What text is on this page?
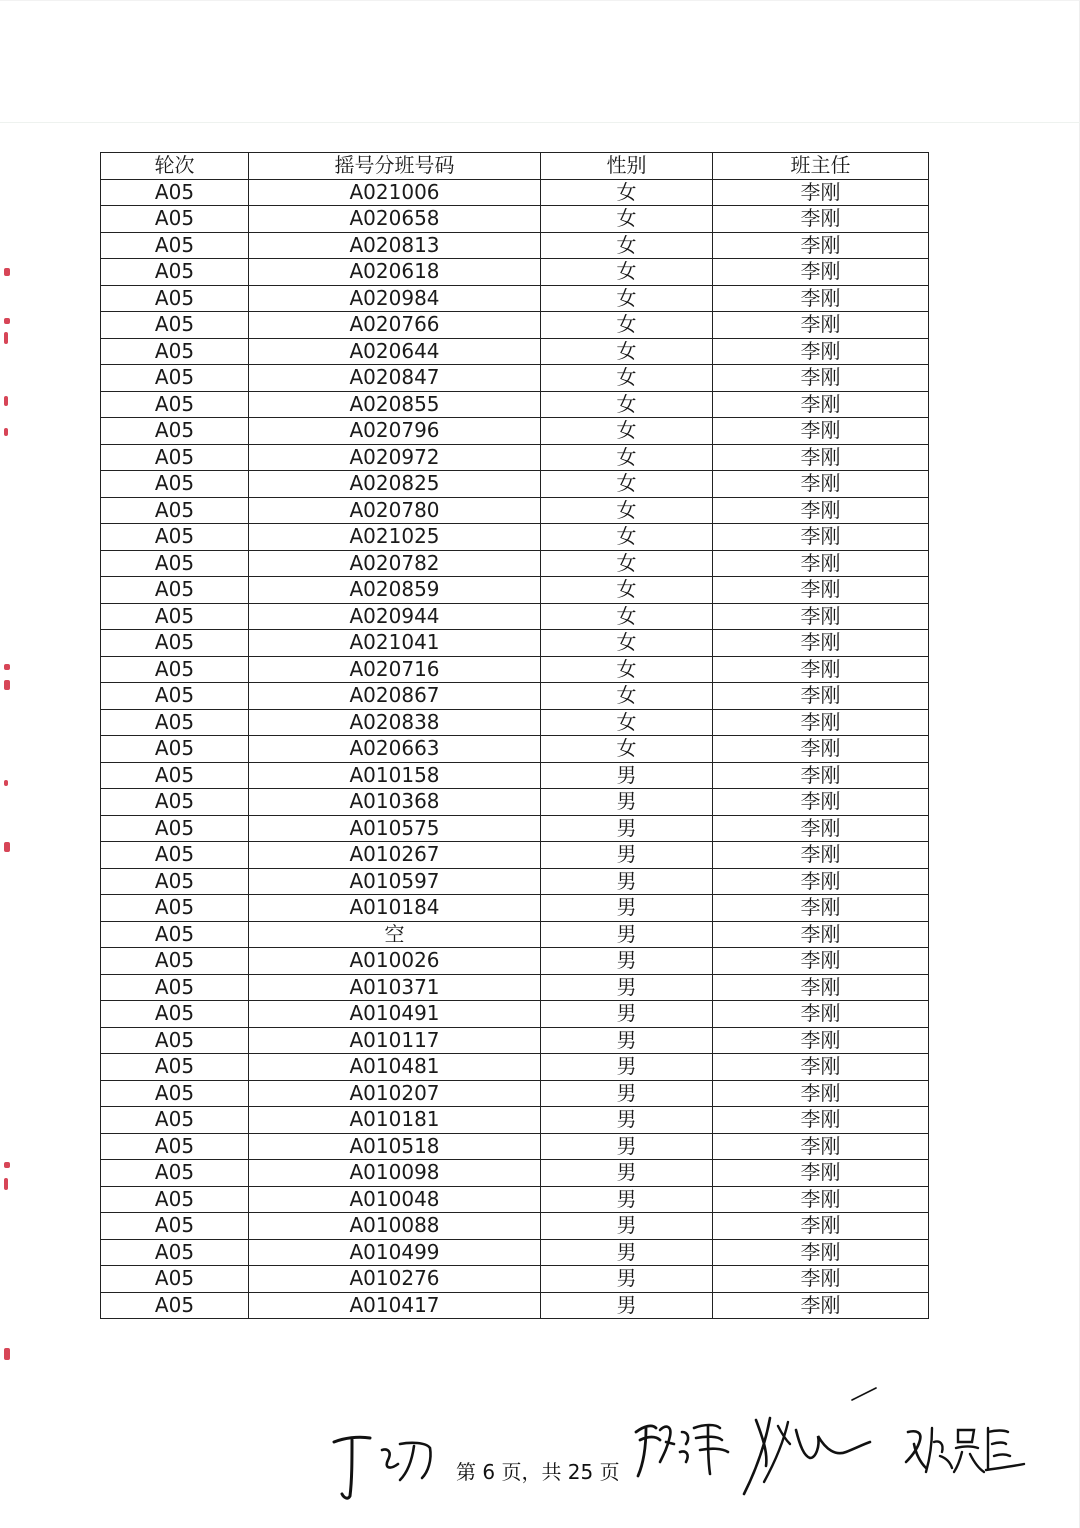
轮次	摇号分班号码	性别	班主任
A05	A021006	女	李刚
A05	A020658	女	李刚
A05	A020813	女	李刚
A05	A020618	女	李刚
A05	A020984	女	李刚
A05	A020766	女	李刚
A05	A020644	女	李刚
A05	A020847	女	李刚
A05	A020855	女	李刚
A05	A020796	女	李刚
A05	A020972	女	李刚
A05	A020825	女	李刚
A05	A020780	女	李刚
A05	A021025	女	李刚
A05	A020782	女	李刚
A05	A020859	女	李刚
A05	A020944	女	李刚
A05	A021041	女	李刚
A05	A020716	女	李刚
A05	A020867	女	李刚
A05	A020838	女	李刚
A05	A020663	女	李刚
A05	A010158	男	李刚
A05	A010368	男	李刚
A05	A010575	男	李刚
A05	A010267	男	李刚
A05	A010597	男	李刚
A05	A010184	男	李刚
A05	空	男	李刚
A05	A010026	男	李刚
A05	A010371	男	李刚
A05	A010491	男	李刚
A05	A010117	男	李刚
A05	A010481	男	李刚
A05	A010207	男	李刚
A05	A010181	男	李刚
A05	A010518	男	李刚
A05	A010098	男	李刚
A05	A010048	男	李刚
A05	A010088	男	李刚
A05	A010499	男	李刚
A05	A010276	男	李刚
A05	A010417	男	李刚
第 6 页，共 25 页
